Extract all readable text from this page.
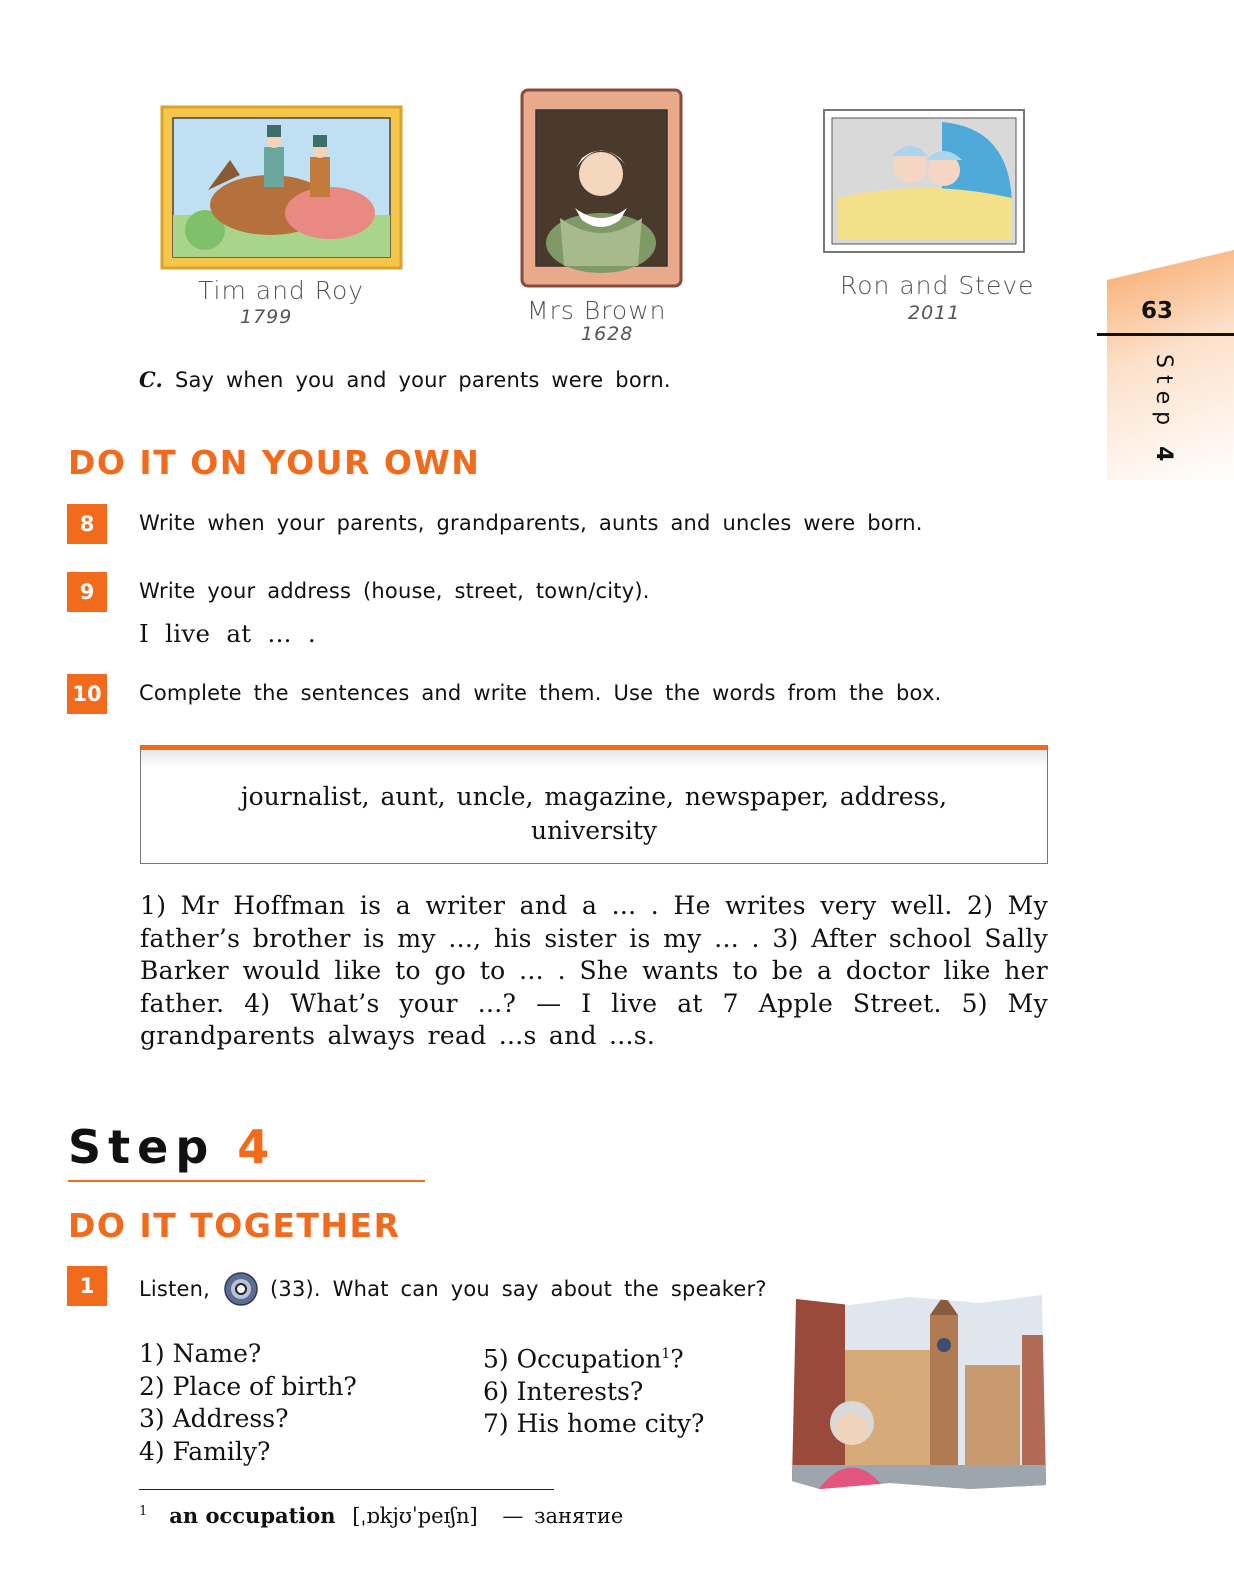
Tim and Roy
1799	Mrs Brown
1628
Ron and Steve
2011	63
Step 4
C. Say when you and your parents were born.
DO IT ON YOUR OWN
8	Write when your parents, grandparents, aunts and uncles were born.
9	Write your address (house, street, town/city).
I live at ... .
10 Complete the sentences and write them. Use the words from the box.
journalist, aunt, uncle, magazine, newspaper, address,
university
1) Mr Hoffman is a writer and a ... . He writes very well. 2) My father’s brother is my ..., his sister is my ... . 3) After school Sally Barker would like to go to ... . She wants to be a doctor like her father. 4) What’s your ...? — I live at 7 Apple Street. 5) My grandparents always read ...s and ...s.
Step 4
DO IT TOGETHER
1	Listen,	(33). What can you say about the speaker?
1) Name?
2) Place of birth?
3) Address?
4) Family?
5) Occupation$^1$?
6) Interests?
7) His home city?
$^1$ an occupation [ˌɒkjʊˈpeɪʃn] — занятие
